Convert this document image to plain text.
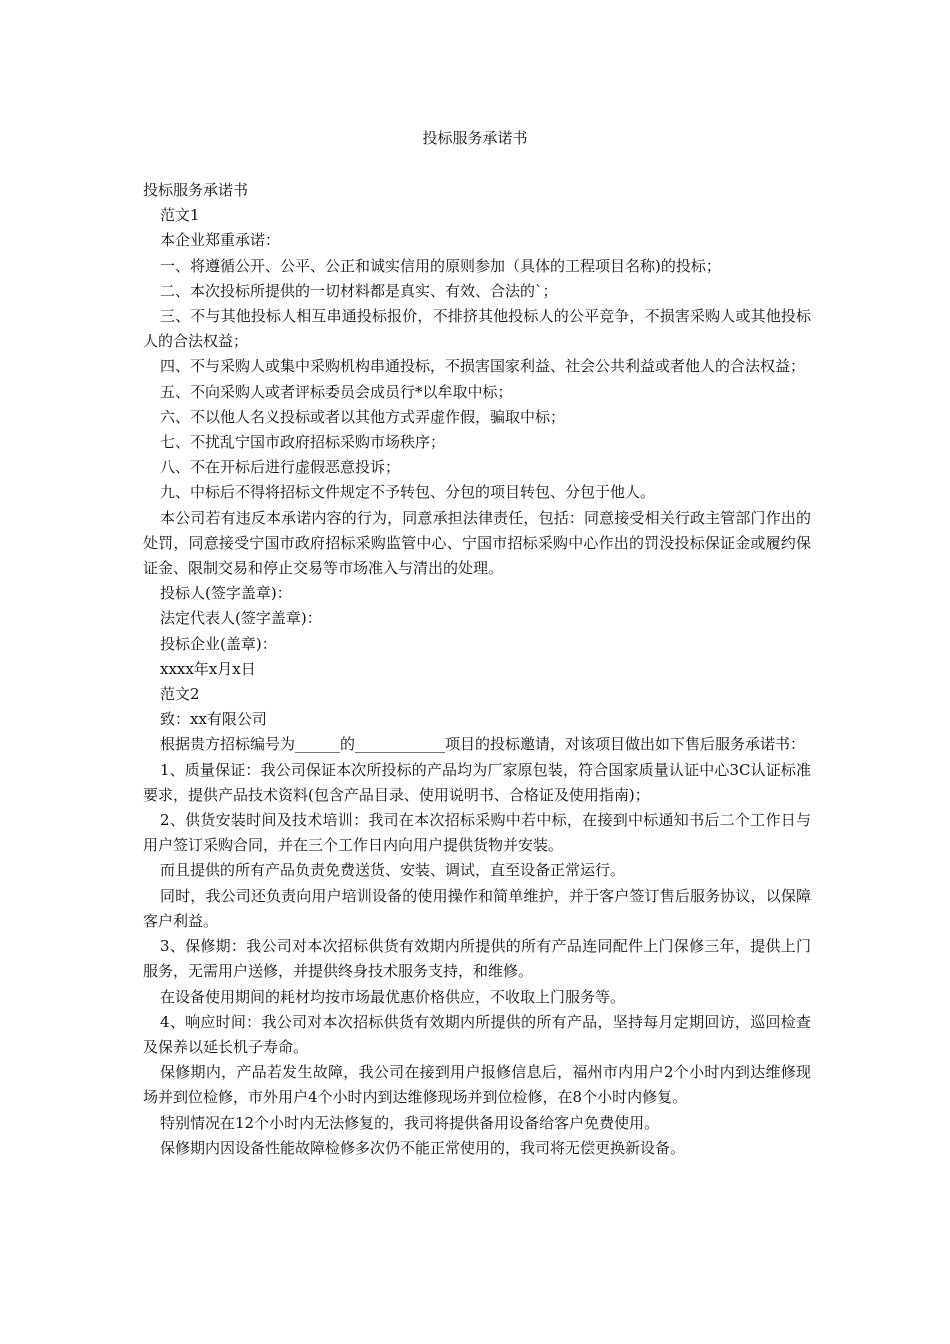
投标服务承诺书

投标服务承诺书

范文1

本企业郑重承诺：

一、将遵循公开、公平、公正和诚实信用的原则参加（具体的工程项目名称)的投标；

二、本次投标所提供的一切材料都是真实、有效、合法的`；

三、不与其他投标人相互串通投标报价，不排挤其他投标人的公平竞争，不损害采购人或其他投标人的合法权益；

四、不与采购人或集中采购机构串通投标，不损害国家利益、社会公共利益或者他人的合法权益；

五、不向采购人或者评标委员会成员行*以牟取中标；

六、不以他人名义投标或者以其他方式弄虚作假，骗取中标；

七、不扰乱宁国市政府招标采购市场秩序；

八、不在开标后进行虚假恶意投诉；

九、中标后不得将招标文件规定不予转包、分包的项目转包、分包于他人。

本公司若有违反本承诺内容的行为，同意承担法律责任，包括：同意接受相关行政主管部门作出的处罚，同意接受宁国市政府招标采购监管中心、宁国市招标采购中心作出的罚没投标保证金或履约保证金、限制交易和停止交易等市场准入与清出的处理。

投标人(签字盖章)：

法定代表人(签字盖章)：

投标企业(盖章)：

xxxx年x月x日

范文2

致：xx有限公司

根据贵方招标编号为______的____________项目的投标邀请，对该项目做出如下售后服务承诺书：

1、质量保证：我公司保证本次所投标的产品均为厂家原包装，符合国家质量认证中心3C认证标准要求，提供产品技术资料(包含产品目录、使用说明书、合格证及使用指南)；

2、供货安装时间及技术培训：我司在本次招标采购中若中标，在接到中标通知书后二个工作日与用户签订采购合同，并在三个工作日内向用户提供货物并安装。

而且提供的所有产品负责免费送货、安装、调试，直至设备正常运行。

同时，我公司还负责向用户培训设备的使用操作和简单维护，并于客户签订售后服务协议，以保障客户利益。

3、保修期：我公司对本次招标供货有效期内所提供的所有产品连同配件上门保修三年，提供上门服务，无需用户送修，并提供终身技术服务支持，和维修。

在设备使用期间的耗材均按市场最优惠价格供应，不收取上门服务等。

4、响应时间：我公司对本次招标供货有效期内所提供的所有产品，坚持每月定期回访，巡回检查及保养以延长机子寿命。

保修期内，产品若发生故障，我公司在接到用户报修信息后，福州市内用户2个小时内到达维修现场并到位检修，市外用户4个小时内到达维修现场并到位检修，在8个小时内修复。

特别情况在12个小时内无法修复的，我司将提供备用设备给客户免费使用。

保修期内因设备性能故障检修多次仍不能正常使用的，我司将无偿更换新设备。
